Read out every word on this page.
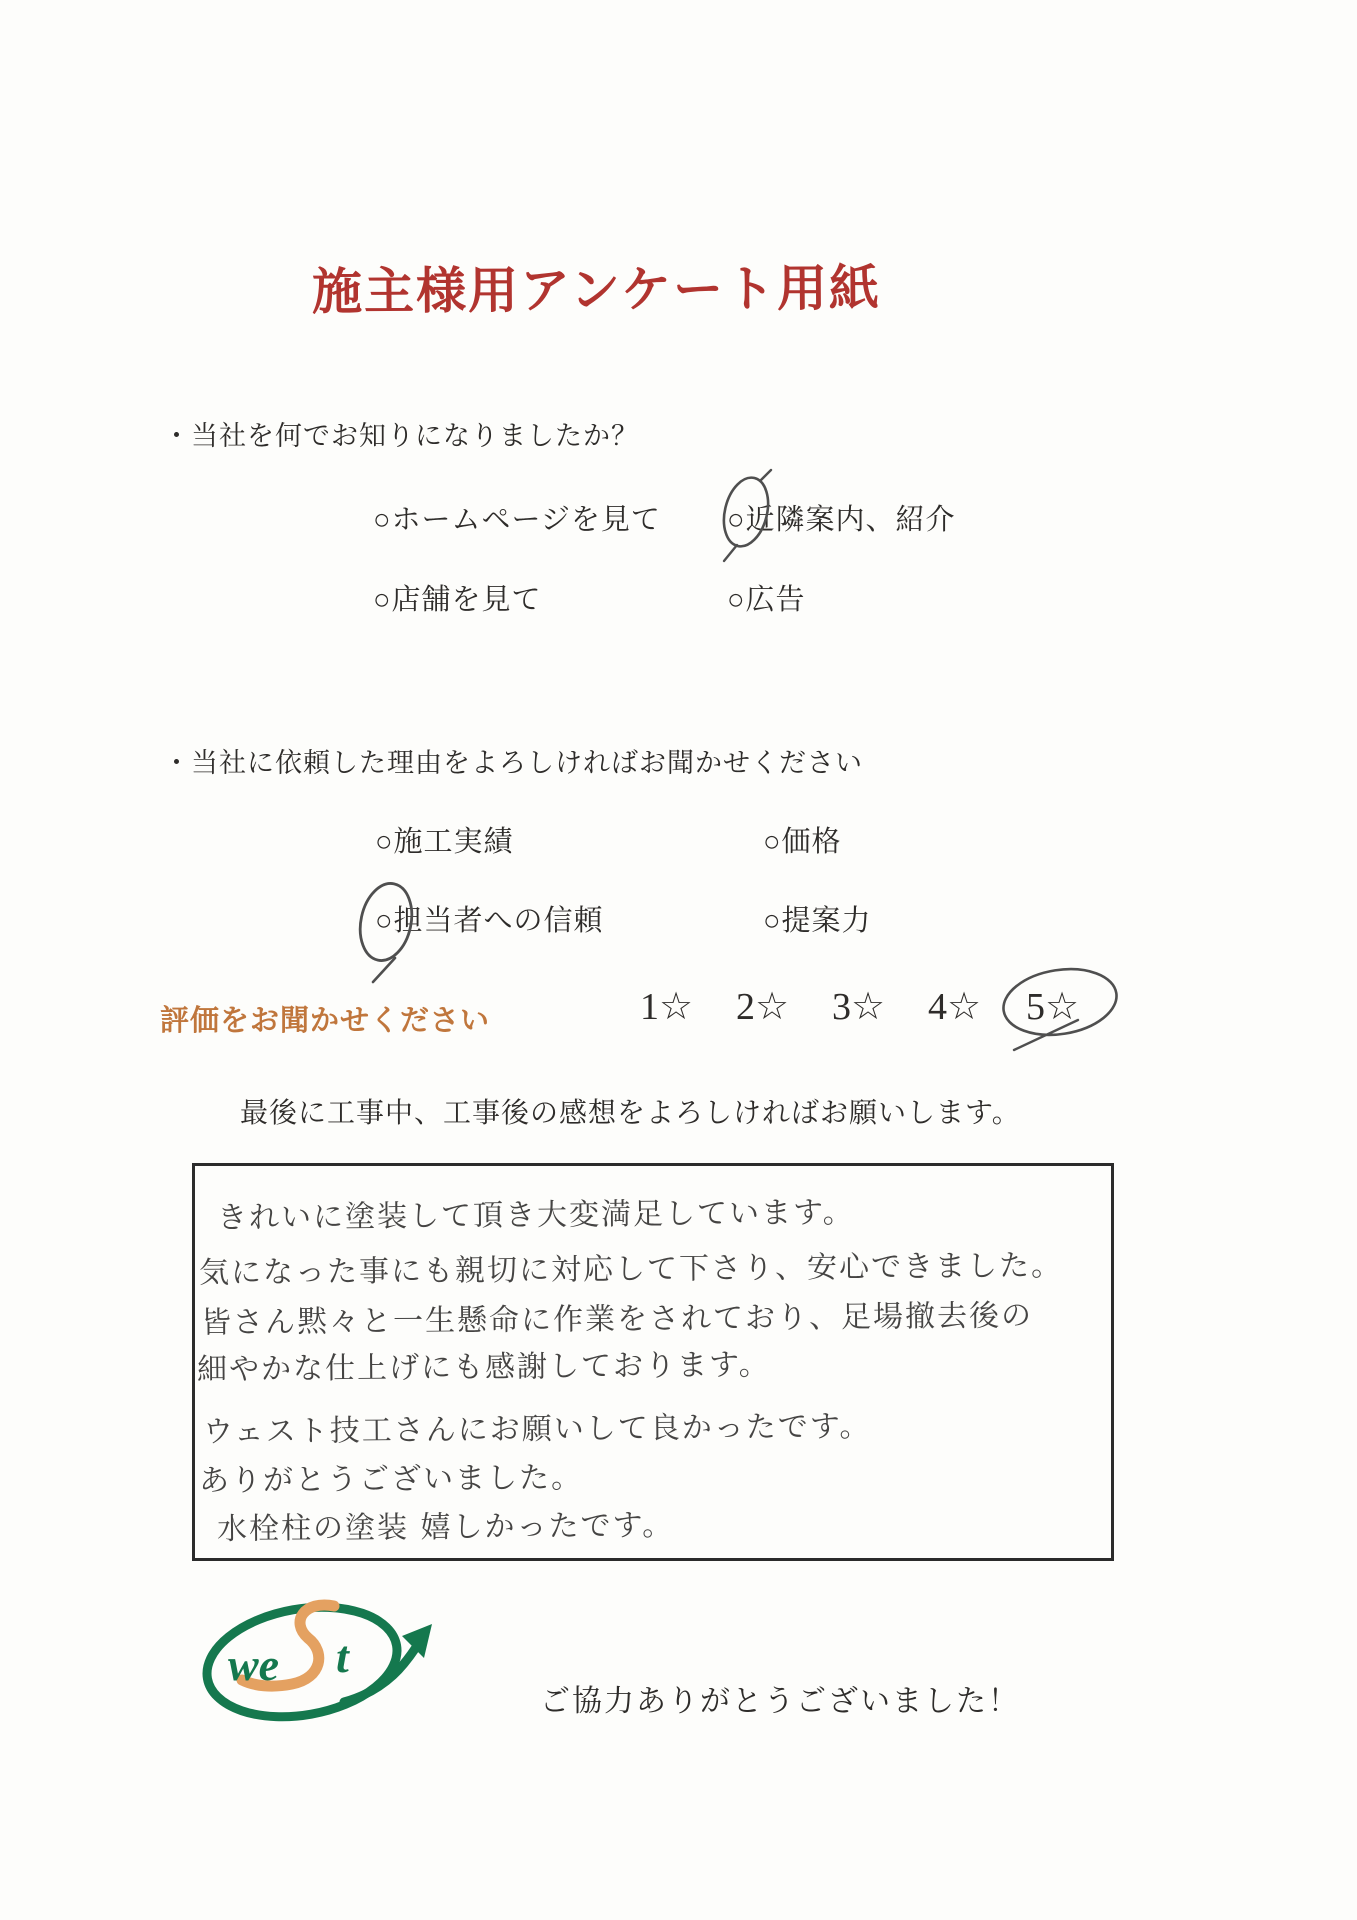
施主様用アンケート用紙
・当社を何でお知りになりましたか？
○ホームページを見て ○近隣案内、紹介
○店舗を見て	○広告
・当社に依頼した理由をよろしければお聞かせください
○施工実績	○価格
○担当者への信頼	○提案力
評価をお聞かせください	1☆ 2☆ 3☆ 4☆ 5☆
最後に工事中、工事後の感想をよろしければお願いします。
きれいに塗装して頂き大変満足しています。
気になった事にも親切に対応して下さり、安心できました。
皆さん黙々と一生懸命に作業をされており、足場撤去後の
細やかな仕上げにも感謝しております。
ウェスト技工さんにお願いして良かったです。
ありがとうございました。
水栓柱の塗装 嬉しかったです。
we t
ご協力ありがとうございました！
